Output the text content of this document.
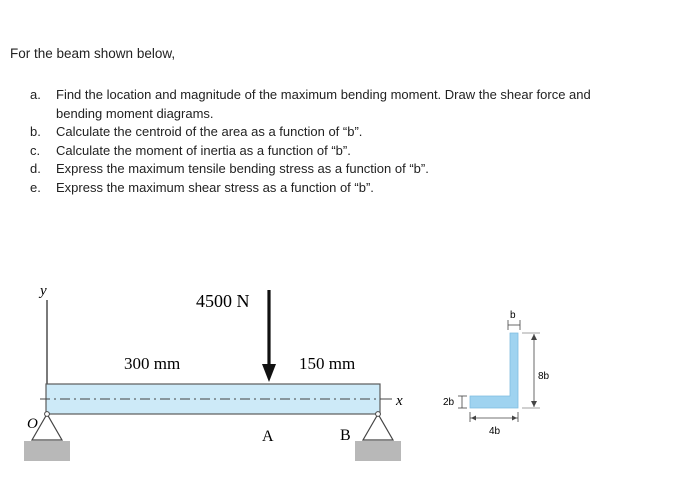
For the beam shown below,

a.	Find the location and magnitude of the maximum bending moment. Draw the shear force and bending moment diagrams.
b.	Calculate the centroid of the area as a function of “b”.
c.	Calculate the moment of inertia as a function of “b”.
d.	Express the maximum tensile bending stress as a function of “b”.
e.	Express the maximum shear stress as a function of “b”.
y
x
O
B
4500 N
A
300 mm	150 mm
b
8b
2b
4b
